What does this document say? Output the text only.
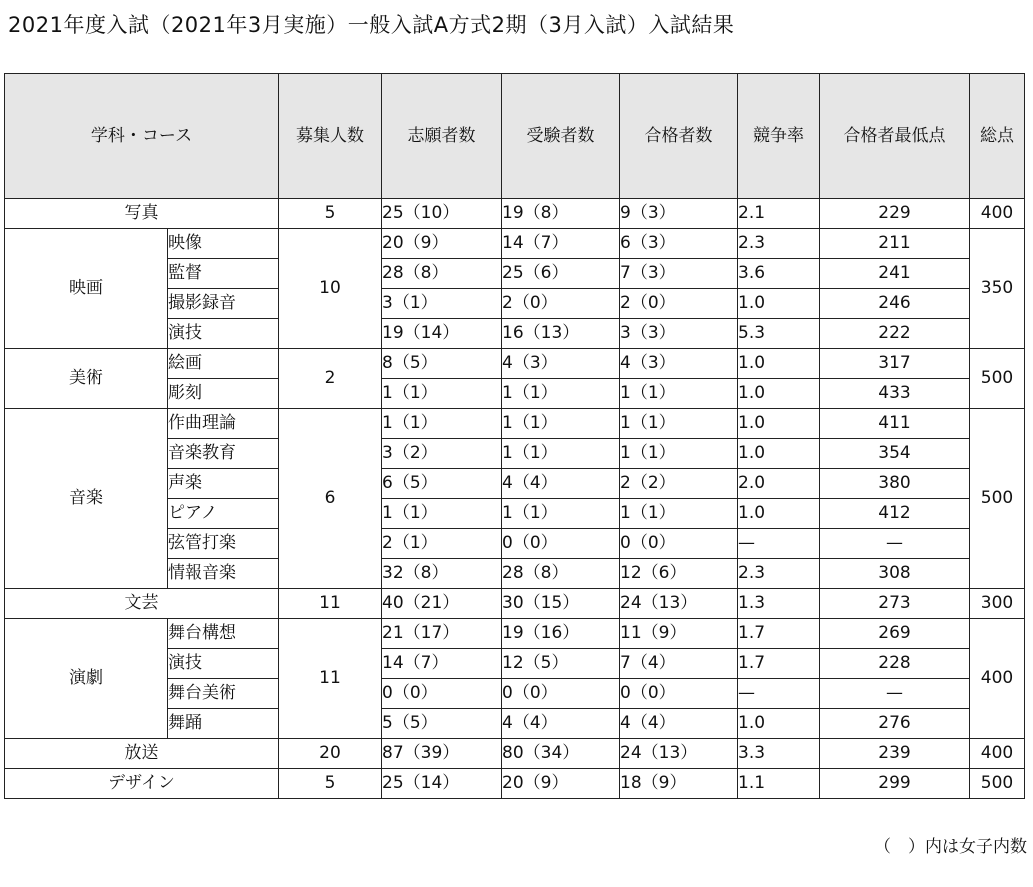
2021年度入試（2021年3月実施）一般入試A方式2期（3月入試）入試結果
学科・コース		募集人数	志願者数	受験者数	合格者数	競争率	合格者最低点	総点
写真		5	25（10）	19（8）	9（3）	2.1	229	400
映画	映像	10	20（9）	14（7）	6（3）	2.3	211	350
	監督		28（8）	25（6）	7（3）	3.6	241	
	撮影録音		3（1）	2（0）	2（0）	1.0	246	
	演技		19（14）	16（13）	3（3）	5.3	222	
美術	絵画	2	8（5）	4（3）	4（3）	1.0	317	500
	彫刻		1（1）	1（1）	1（1）	1.0	433	
音楽	作曲理論	6	1（1）	1（1）	1（1）	1.0	411	500
	音楽教育		3（2）	1（1）	1（1）	1.0	354	
	声楽		6（5）	4（4）	2（2）	2.0	380	
	ピアノ		1（1）	1（1）	1（1）	1.0	412	
	弦管打楽		2（1）	0（0）	0（0）	—	—	
	情報音楽		32（8）	28（8）	12（6）	2.3	308	
文芸		11	40（21）	30（15）	24（13）	1.3	273	300
演劇	舞台構想	11	21（17）	19（16）	11（9）	1.7	269	400
	演技		14（7）	12（5）	7（4）	1.7	228	
	舞台美術		0（0）	0（0）	0（0）	—	—	
	舞踊		5（5）	4（4）	4（4）	1.0	276	
放送		20	87（39）	80（34）	24（13）	3.3	239	400
デザイン		5	25（14）	20（9）	18（9）	1.1	299	500
（　）内は女子内数
